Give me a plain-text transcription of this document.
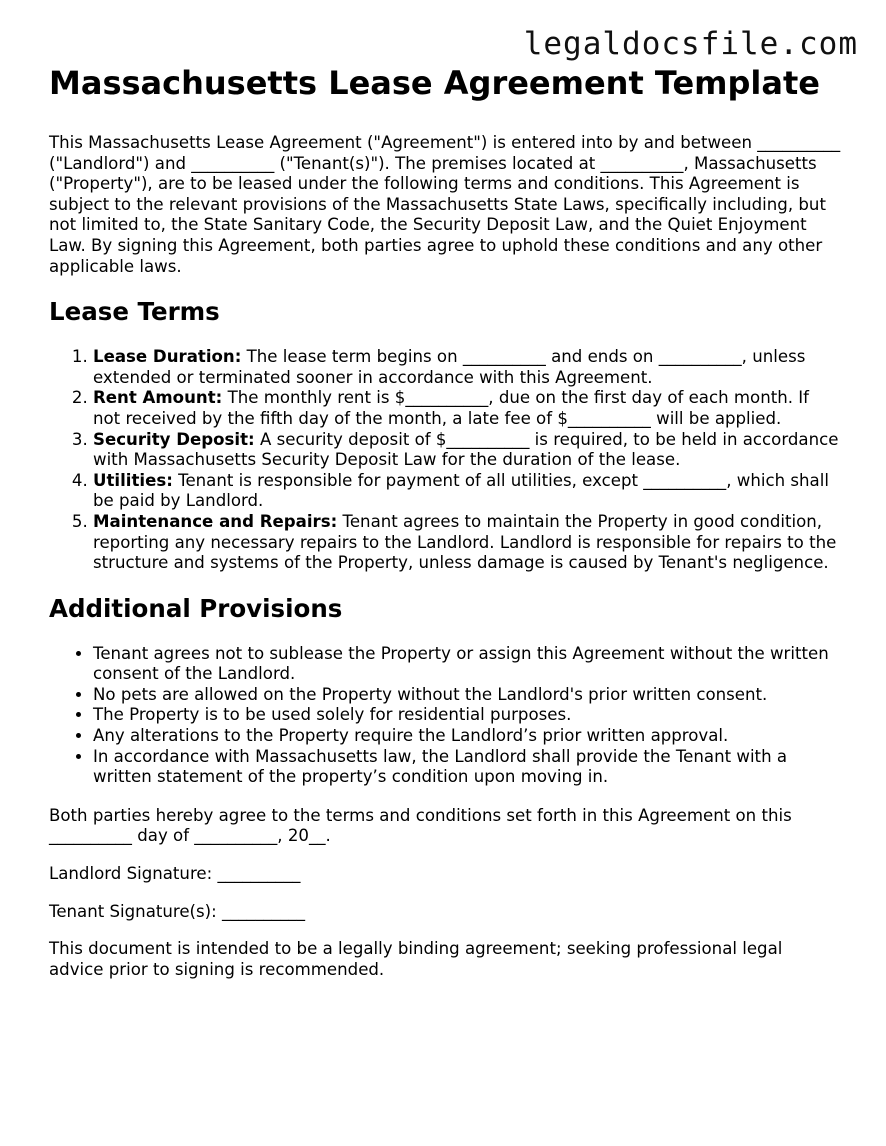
legaldocsfile.com
Massachusetts Lease Agreement Template

This Massachusetts Lease Agreement ("Agreement") is entered into by and between __________ ("Landlord") and __________ ("Tenant(s)"). The premises located at __________, Massachusetts ("Property"), are to be leased under the following terms and conditions. This Agreement is subject to the relevant provisions of the Massachusetts State Laws, specifically including, but not limited to, the State Sanitary Code, the Security Deposit Law, and the Quiet Enjoyment Law. By signing this Agreement, both parties agree to uphold these conditions and any other applicable laws.

Lease Terms
1. Lease Duration: The lease term begins on __________ and ends on __________, unless extended or terminated sooner in accordance with this Agreement.
2. Rent Amount: The monthly rent is $__________, due on the first day of each month. If not received by the fifth day of the month, a late fee of $__________ will be applied.
3. Security Deposit: A security deposit of $__________ is required, to be held in accordance with Massachusetts Security Deposit Law for the duration of the lease.
4. Utilities: Tenant is responsible for payment of all utilities, except __________, which shall be paid by Landlord.
5. Maintenance and Repairs: Tenant agrees to maintain the Property in good condition, reporting any necessary repairs to the Landlord. Landlord is responsible for repairs to the structure and systems of the Property, unless damage is caused by Tenant's negligence.
Additional Provisions
• Tenant agrees not to sublease the Property or assign this Agreement without the written consent of the Landlord.
• No pets are allowed on the Property without the Landlord's prior written consent.
• The Property is to be used solely for residential purposes.
• Any alterations to the Property require the Landlord’s prior written approval.
• In accordance with Massachusetts law, the Landlord shall provide the Tenant with a written statement of the property’s condition upon moving in.

Both parties hereby agree to the terms and conditions set forth in this Agreement on this __________ day of __________, 20__.

Landlord Signature: __________

Tenant Signature(s): __________

This document is intended to be a legally binding agreement; seeking professional legal advice prior to signing is recommended.
